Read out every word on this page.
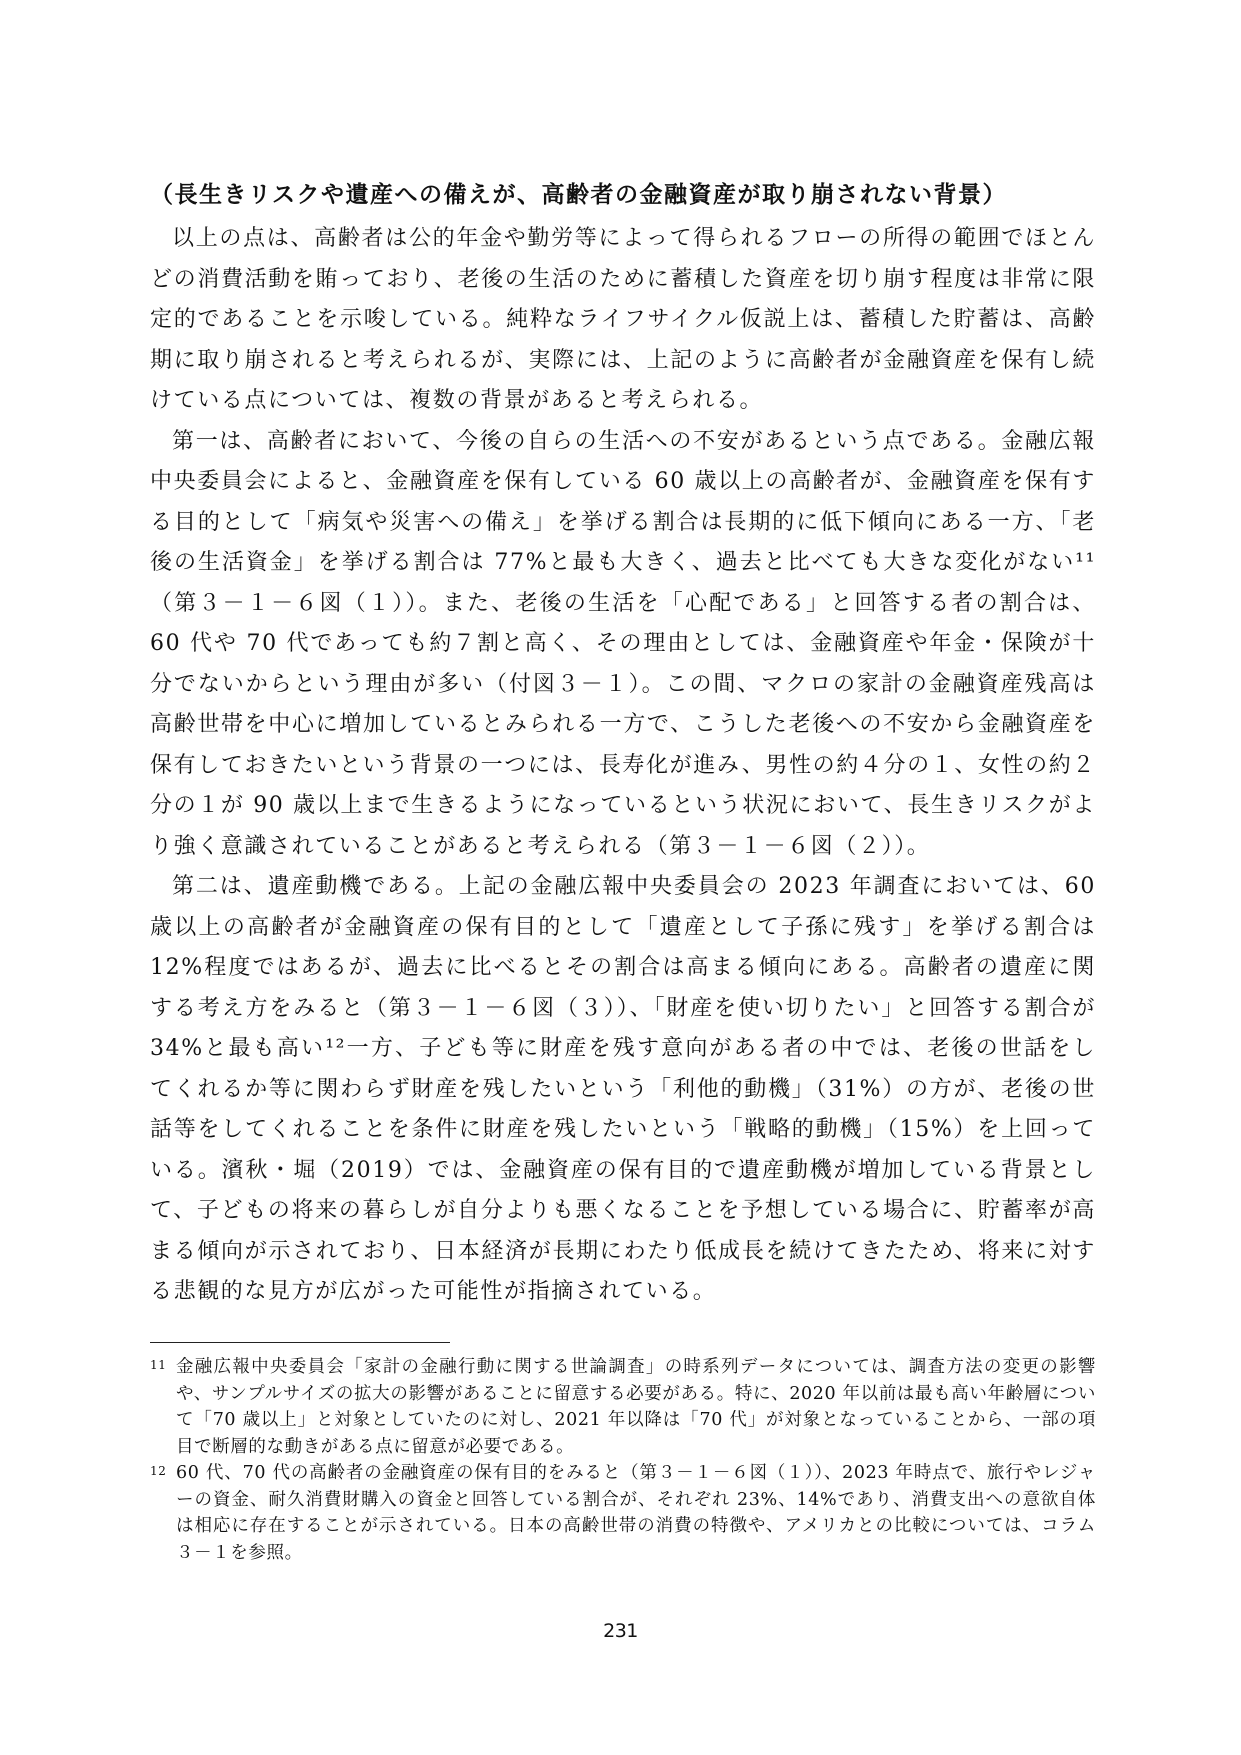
（長生きリスクや遺産への備えが、高齢者の金融資産が取り崩されない背景）

以上の点は、高齢者は公的年金や勤労等によって得られるフローの所得の範囲でほとんどの消費活動を賄っており、老後の生活のために蓄積した資産を切り崩す程度は非常に限定的であることを示唆している。純粋なライフサイクル仮説上は、蓄積した貯蓄は、高齢期に取り崩されると考えられるが、実際には、上記のように高齢者が金融資産を保有し続けている点については、複数の背景があると考えられる。

第一は、高齢者において、今後の自らの生活への不安があるという点である。金融広報中央委員会によると、金融資産を保有している 60 歳以上の高齢者が、金融資産を保有する目的として「病気や災害への備え」を挙げる割合は長期的に低下傾向にある一方、「老後の生活資金」を挙げる割合は 77%と最も大きく、過去と比べても大きな変化がない¹¹（第３－１－６図（１））。また、老後の生活を「心配である」と回答する者の割合は、60 代や 70 代であっても約７割と高く、その理由としては、金融資産や年金・保険が十分でないからという理由が多い（付図３－１）。この間、マクロの家計の金融資産残高は高齢世帯を中心に増加しているとみられる一方で、こうした老後への不安から金融資産を保有しておきたいという背景の一つには、長寿化が進み、男性の約４分の１、女性の約２分の１が 90 歳以上まで生きるようになっているという状況において、長生きリスクがより強く意識されていることがあると考えられる（第３－１－６図（２））。

第二は、遺産動機である。上記の金融広報中央委員会の 2023 年調査においては、60 歳以上の高齢者が金融資産の保有目的として「遺産として子孫に残す」を挙げる割合は 12%程度ではあるが、過去に比べるとその割合は高まる傾向にある。高齢者の遺産に関する考え方をみると（第３－１－６図（３））、「財産を使い切りたい」と回答する割合が 34%と最も高い¹²一方、子ども等に財産を残す意向がある者の中では、老後の世話をしてくれるか等に関わらず財産を残したいという「利他的動機」（31%）の方が、老後の世話等をしてくれることを条件に財産を残したいという「戦略的動機」（15%）を上回っている。濱秋・堀（2019）では、金融資産の保有目的で遺産動機が増加している背景として、子どもの将来の暮らしが自分よりも悪くなることを予想している場合に、貯蓄率が高まる傾向が示されており、日本経済が長期にわたり低成長を続けてきたため、将来に対する悲観的な見方が広がった可能性が指摘されている。

11 金融広報中央委員会「家計の金融行動に関する世論調査」の時系列データについては、調査方法の変更の影響や、サンプルサイズの拡大の影響があることに留意する必要がある。特に、2020 年以前は最も高い年齢層について「70 歳以上」と対象としていたのに対し、2021 年以降は「70 代」が対象となっていることから、一部の項目で断層的な動きがある点に留意が必要である。

12 60 代、70 代の高齢者の金融資産の保有目的をみると（第３－１－６図（１））、2023 年時点で、旅行やレジャーの資金、耐久消費財購入の資金と回答している割合が、それぞれ 23%、14%であり、消費支出への意欲自体は相応に存在することが示されている。日本の高齢世帯の消費の特徴や、アメリカとの比較については、コラム３－１を参照。

231
